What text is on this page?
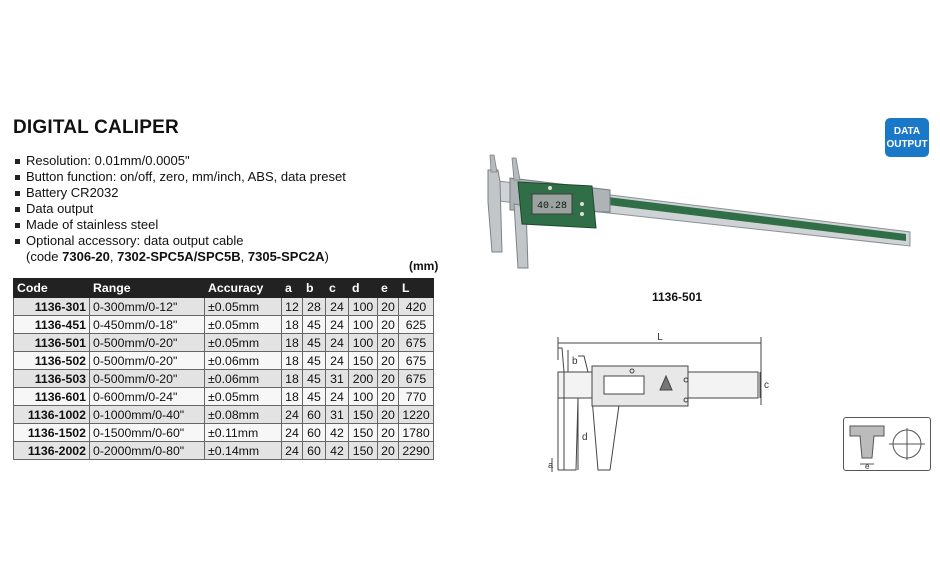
DIGITAL CALIPER
Resolution: 0.01mm/0.0005"
Button function: on/off, zero, mm/inch, ABS, data preset
Battery CR2032
Data output
Made of stainless steel
Optional accessory: data output cable
(code 7306-20, 7302-SPC5A/SPC5B, 7305-SPC2A)
(mm)
Code	Range	Accuracy	a	b	c	d	e	L
1136-301	0-300mm/0-12"	±0.05mm	12	28	24	100	20	420
1136-451	0-450mm/0-18"	±0.05mm	18	45	24	100	20	625
1136-501	0-500mm/0-20"	±0.05mm	18	45	24	100	20	675
1136-502	0-500mm/0-20"	±0.06mm	18	45	24	150	20	675
1136-503	0-500mm/0-20"	±0.06mm	18	45	31	200	20	675
1136-601	0-600mm/0-24"	±0.05mm	18	45	24	100	20	770
1136-1002	0-1000mm/0-40"	±0.08mm	24	60	31	150	20	1220
1136-1502	0-1500mm/0-60"	±0.11mm	24	60	42	150	20	1780
1136-2002	0-2000mm/0-80"	±0.14mm	24	60	42	150	20	2290
DATA
OUTPUT
40.28
1136-501
L
b
c
d
a	e
